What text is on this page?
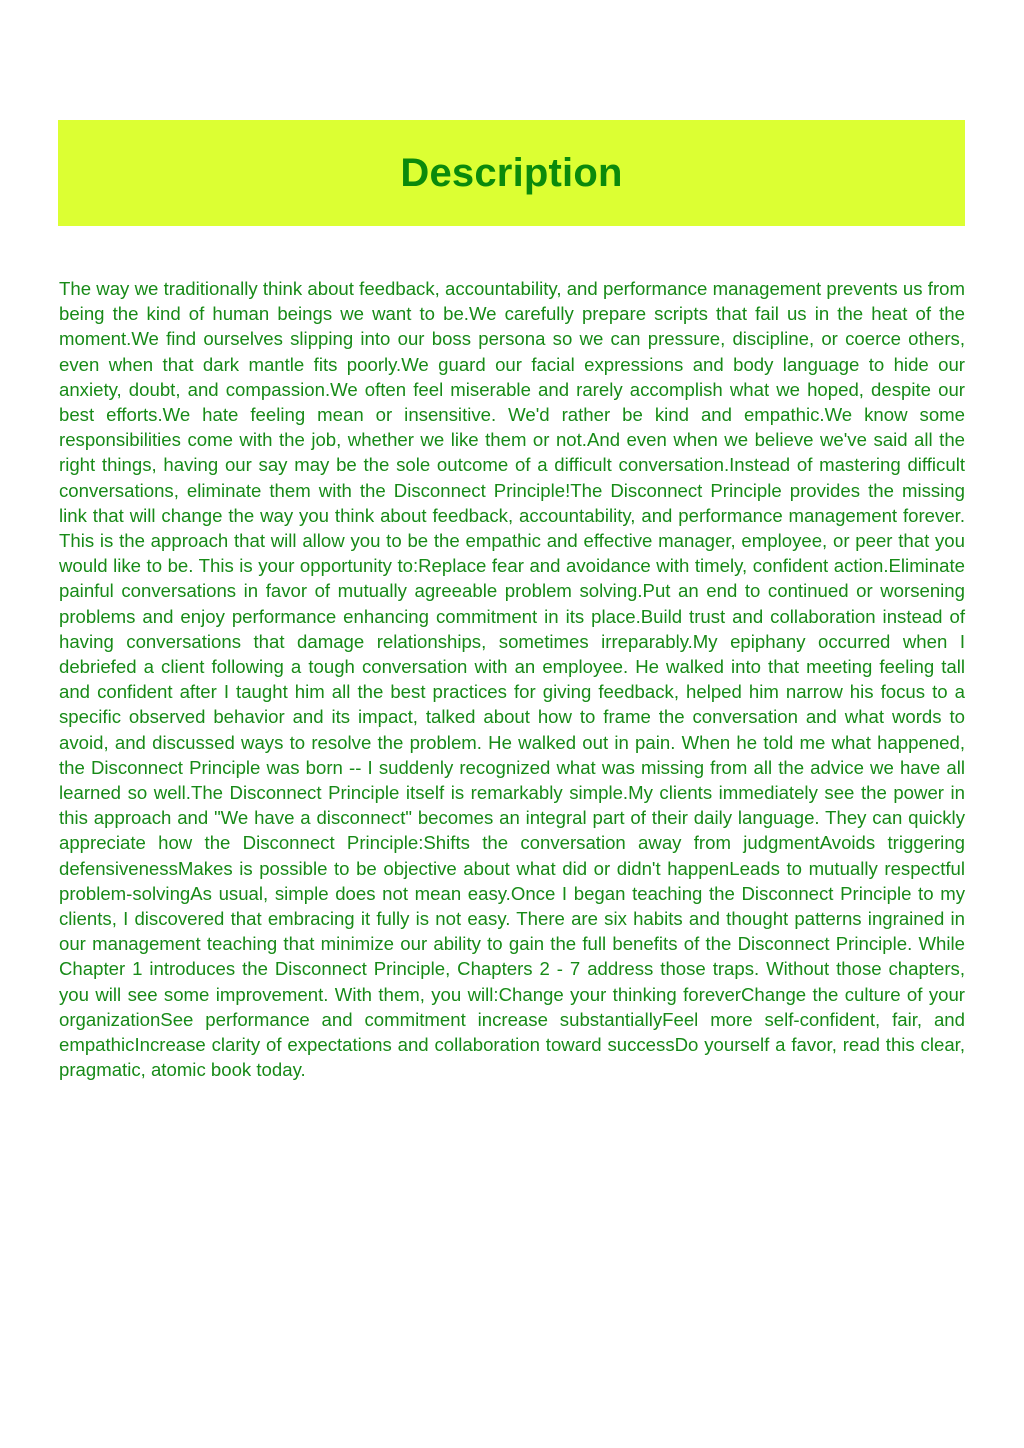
Description

The way we traditionally think about feedback, accountability, and performance management prevents us from being the kind of human beings we want to be.We carefully prepare scripts that fail us in the heat of the moment.We find ourselves slipping into our boss persona so we can pressure, discipline, or coerce others, even when that dark mantle fits poorly.We guard our facial expressions and body language to hide our anxiety, doubt, and compassion.We often feel miserable and rarely accomplish what we hoped, despite our best efforts.We hate feeling mean or insensitive. We'd rather be kind and empathic.We know some responsibilities come with the job, whether we like them or not.And even when we believe we've said all the right things, having our say may be the sole outcome of a difficult conversation.Instead of mastering difficult conversations, eliminate them with the Disconnect Principle!The Disconnect Principle provides the missing link that will change the way you think about feedback, accountability, and performance management forever. This is the approach that will allow you to be the empathic and effective manager, employee, or peer that you would like to be. This is your opportunity to:Replace fear and avoidance with timely, confident action.Eliminate painful conversations in favor of mutually agreeable problem solving.Put an end to continued or worsening problems and enjoy performance enhancing commitment in its place.Build trust and collaboration instead of having conversations that damage relationships, sometimes irreparably.My epiphany occurred when I debriefed a client following a tough conversation with an employee. He walked into that meeting feeling tall and confident after I taught him all the best practices for giving feedback, helped him narrow his focus to a specific observed behavior and its impact, talked about how to frame the conversation and what words to avoid, and discussed ways to resolve the problem. He walked out in pain. When he told me what happened, the Disconnect Principle was born -- I suddenly recognized what was missing from all the advice we have all learned so well.The Disconnect Principle itself is remarkably simple.My clients immediately see the power in this approach and "We have a disconnect" becomes an integral part of their daily language. They can quickly appreciate how the Disconnect Principle:Shifts the conversation away from judgmentAvoids triggering defensivenessMakes is possible to be objective about what did or didn't happenLeads to mutually respectful problem-solvingAs usual, simple does not mean easy.Once I began teaching the Disconnect Principle to my clients, I discovered that embracing it fully is not easy. There are six habits and thought patterns ingrained in our management teaching that minimize our ability to gain the full benefits of the Disconnect Principle. While Chapter 1 introduces the Disconnect Principle, Chapters 2 - 7 address those traps. Without those chapters, you will see some improvement. With them, you will:Change your thinking foreverChange the culture of your organizationSee performance and commitment increase substantiallyFeel more self-confident, fair, and empathicIncrease clarity of expectations and collaboration toward successDo yourself a favor, read this clear, pragmatic, atomic book today.
